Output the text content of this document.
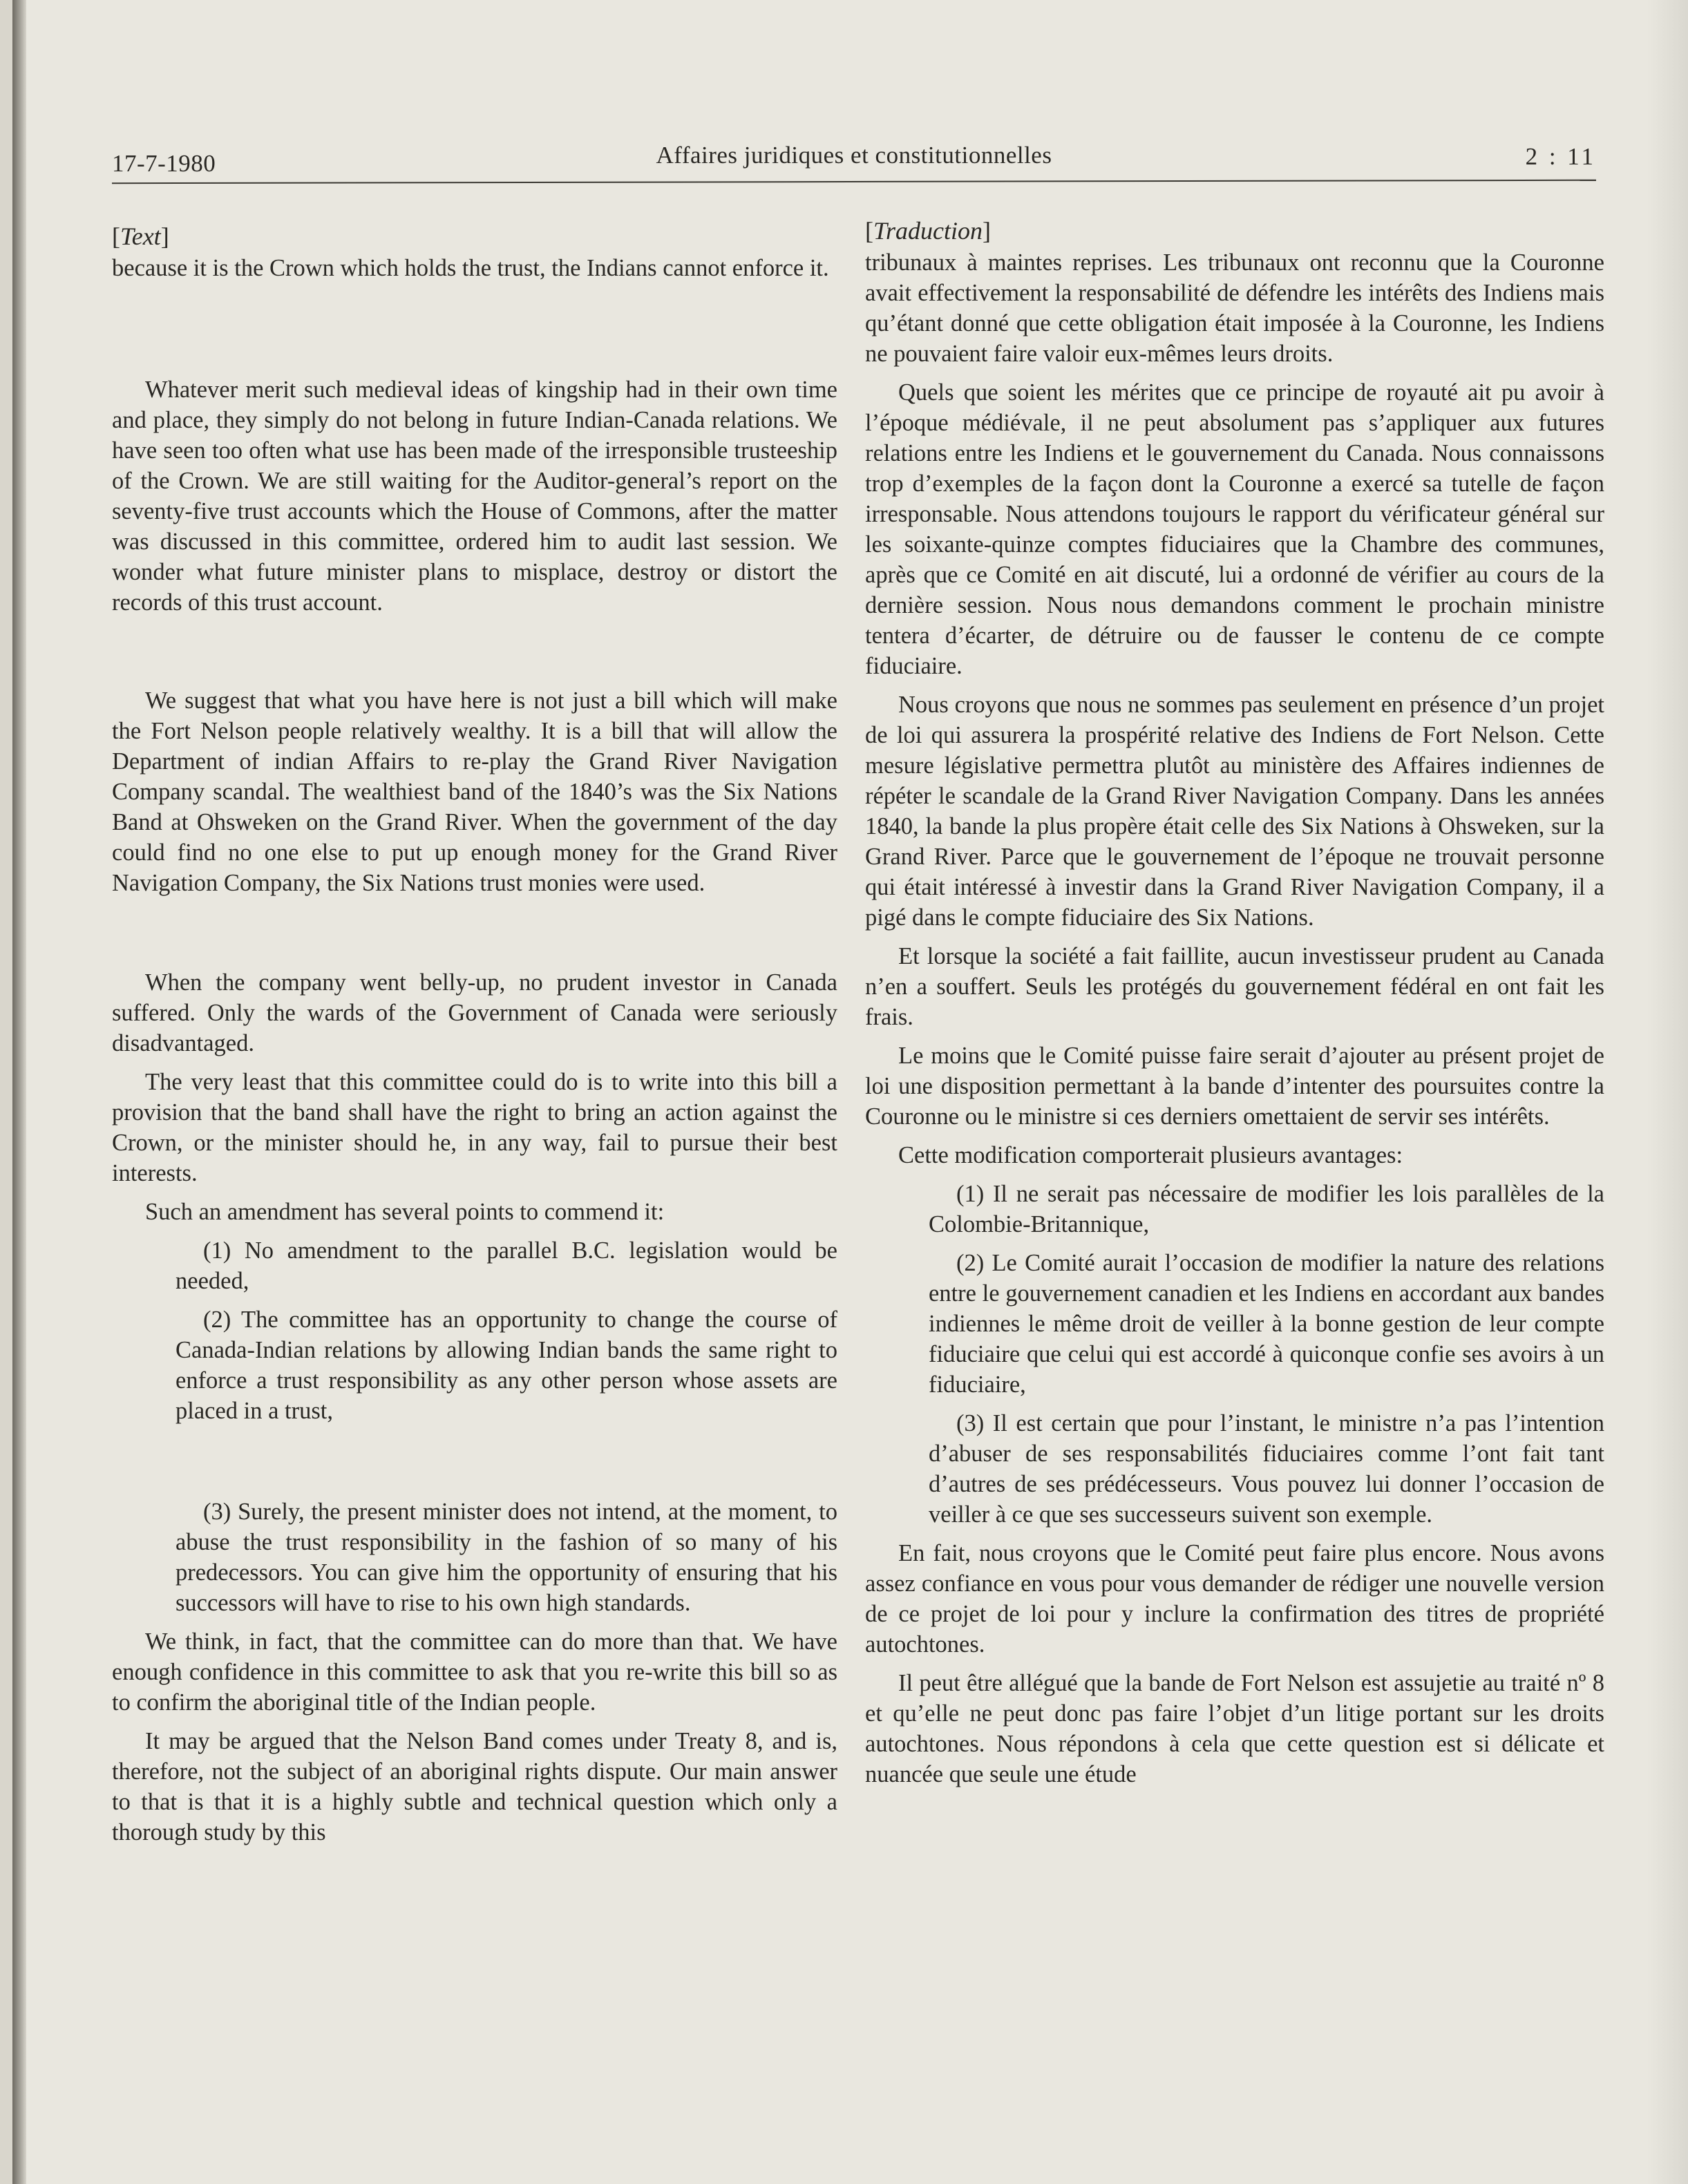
17-7-1980	Affaires juridiques et constitutionnelles	2 : 11
[Text]

because it is the Crown which holds the trust, the Indians cannot enforce it.

Whatever merit such medieval ideas of kingship had in their own time and place, they simply do not belong in future Indian-Canada relations. We have seen too often what use has been made of the irresponsible trusteeship of the Crown. We are still waiting for the Auditor-general’s report on the seventy-five trust accounts which the House of Commons, after the matter was discussed in this committee, ordered him to audit last session. We wonder what future minister plans to misplace, destroy or distort the records of this trust account.

We suggest that what you have here is not just a bill which will make the Fort Nelson people relatively wealthy. It is a bill that will allow the Department of indian Affairs to re-play the Grand River Navigation Company scandal. The wealthiest band of the 1840’s was the Six Nations Band at Ohsweken on the Grand River. When the government of the day could find no one else to put up enough money for the Grand River Navigation Company, the Six Nations trust monies were used.

When the company went belly-up, no prudent investor in Canada suffered. Only the wards of the Government of Canada were seriously disadvantaged.

The very least that this committee could do is to write into this bill a provision that the band shall have the right to bring an action against the Crown, or the minister should he, in any way, fail to pursue their best interests.

Such an amendment has several points to commend it:

(1) No amendment to the parallel B.C. legislation would be needed,

(2) The committee has an opportunity to change the course of Canada-Indian relations by allowing Indian bands the same right to enforce a trust responsibility as any other person whose assets are placed in a trust,

(3) Surely, the present minister does not intend, at the moment, to abuse the trust responsibility in the fashion of so many of his predecessors. You can give him the opportunity of ensuring that his successors will have to rise to his own high standards.

We think, in fact, that the committee can do more than that. We have enough confidence in this committee to ask that you re-write this bill so as to confirm the aboriginal title of the Indian people.

It may be argued that the Nelson Band comes under Treaty 8, and is, therefore, not the subject of an aboriginal rights dispute. Our main answer to that is that it is a highly subtle and technical question which only a thorough study by this

[Traduction]

tribunaux à maintes reprises. Les tribunaux ont reconnu que la Couronne avait effectivement la responsabilité de défendre les intérêts des Indiens mais qu’étant donné que cette obligation était imposée à la Couronne, les Indiens ne pouvaient faire valoir eux-mêmes leurs droits.

Quels que soient les mérites que ce principe de royauté ait pu avoir à l’époque médiévale, il ne peut absolument pas s’appliquer aux futures relations entre les Indiens et le gouvernement du Canada. Nous connaissons trop d’exemples de la façon dont la Couronne a exercé sa tutelle de façon irresponsable. Nous attendons toujours le rapport du vérificateur général sur les soixante-quinze comptes fiduciaires que la Chambre des communes, après que ce Comité en ait discuté, lui a ordonné de vérifier au cours de la dernière session. Nous nous demandons comment le prochain ministre tentera d’écarter, de détruire ou de fausser le contenu de ce compte fiduciaire.

Nous croyons que nous ne sommes pas seulement en présence d’un projet de loi qui assurera la prospérité relative des Indiens de Fort Nelson. Cette mesure législative permettra plutôt au ministère des Affaires indiennes de répéter le scandale de la Grand River Navigation Company. Dans les années 1840, la bande la plus propère était celle des Six Nations à Ohsweken, sur la Grand River. Parce que le gouvernement de l’époque ne trouvait personne qui était intéressé à investir dans la Grand River Navigation Company, il a pigé dans le compte fiduciaire des Six Nations.

Et lorsque la société a fait faillite, aucun investisseur prudent au Canada n’en a souffert. Seuls les protégés du gouvernement fédéral en ont fait les frais.

Le moins que le Comité puisse faire serait d’ajouter au présent projet de loi une disposition permettant à la bande d’intenter des poursuites contre la Couronne ou le ministre si ces derniers omettaient de servir ses intérêts.

Cette modification comporterait plusieurs avantages:

(1) Il ne serait pas nécessaire de modifier les lois parallèles de la Colombie-Britannique,

(2) Le Comité aurait l’occasion de modifier la nature des relations entre le gouvernement canadien et les Indiens en accordant aux bandes indiennes le même droit de veiller à la bonne gestion de leur compte fiduciaire que celui qui est accordé à quiconque confie ses avoirs à un fiduciaire,

(3) Il est certain que pour l’instant, le ministre n’a pas l’intention d’abuser de ses responsabilités fiduciaires comme l’ont fait tant d’autres de ses prédécesseurs. Vous pouvez lui donner l’occasion de veiller à ce que ses successeurs suivent son exemple.

En fait, nous croyons que le Comité peut faire plus encore. Nous avons assez confiance en vous pour vous demander de rédiger une nouvelle version de ce projet de loi pour y inclure la confirmation des titres de propriété autochtones.

Il peut être allégué que la bande de Fort Nelson est assujetie au traité nº 8 et qu’elle ne peut donc pas faire l’objet d’un litige portant sur les droits autochtones. Nous répondons à cela que cette question est si délicate et nuancée que seule une étude
